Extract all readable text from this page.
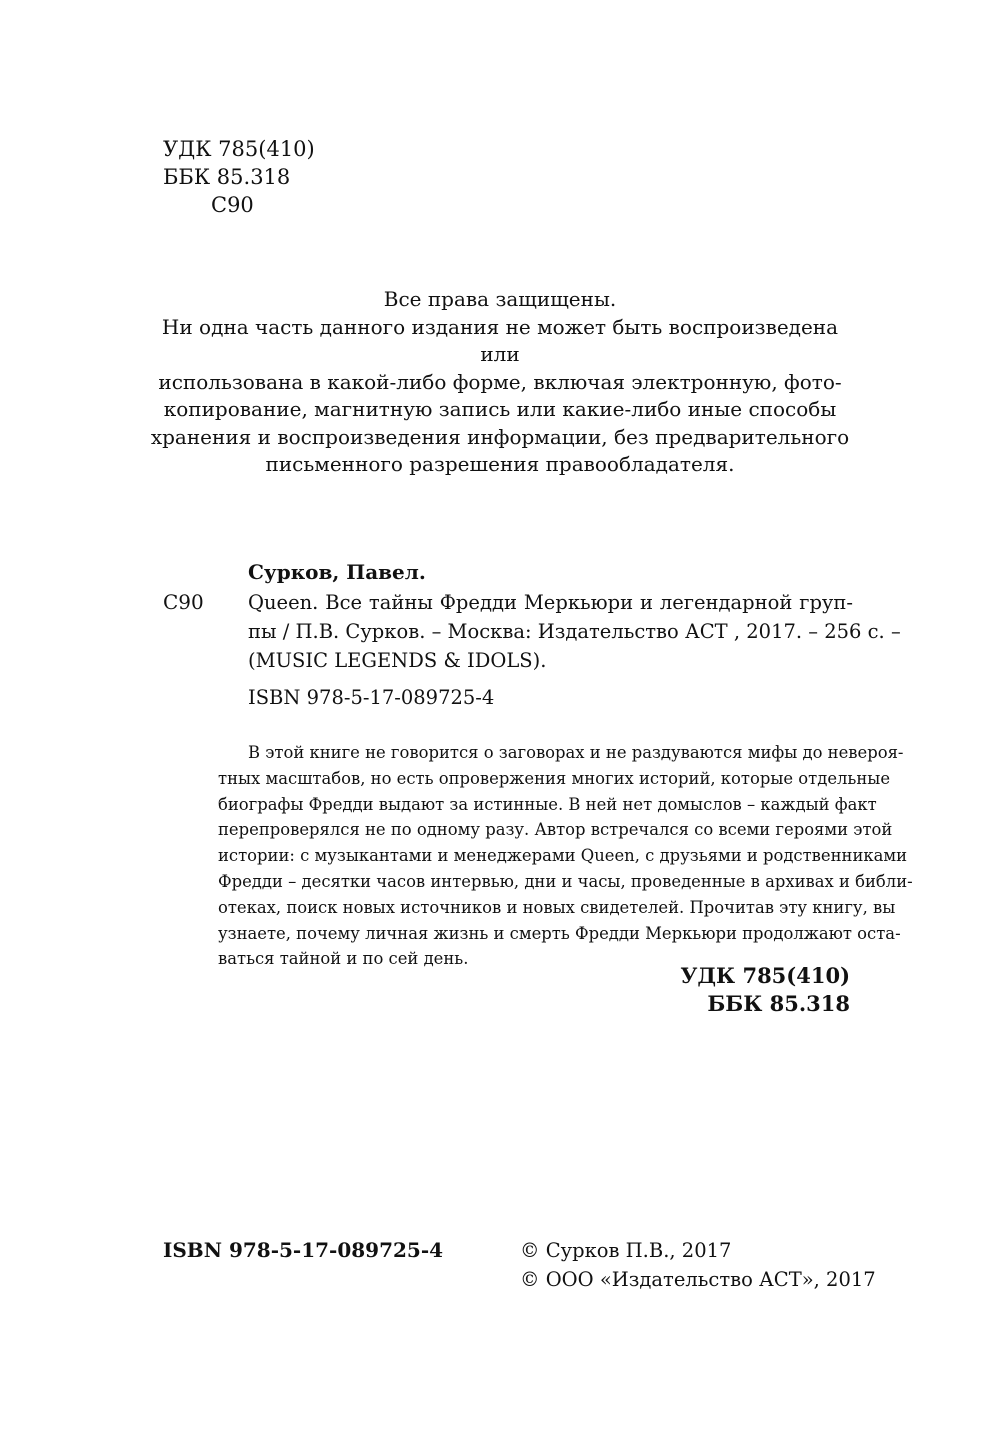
УДК 785(410)
ББК 85.318
С90
Все права защищены.
Ни одна часть данного издания не может быть воспроизведена или
использована в какой-либо форме, включая электронную, фото-
копирование, магнитную запись или какие-либо иные способы
хранения и воспроизведения информации, без предварительного
письменного разрешения правообладателя.
Сурков, Павел.
С90 Queen. Все тайны Фредди Меркьюри и легендарной груп-
пы / П.В. Сурков. – Москва: Издательство АСТ , 2017. – 256 с. –
(MUSIC LEGENDS & IDOLS).
ISBN 978-5-17-089725-4
В этой книге не говорится о заговорах и не раздуваются мифы до невероя-
тных масштабов, но есть опровержения многих историй, которые отдельные
биографы Фредди выдают за истинные. В ней нет домыслов – каждый факт
перепроверялся не по одному разу. Автор встречался со всеми героями этой
истории: с музыкантами и менеджерами Queen, с друзьями и родственниками
Фредди – десятки часов интервью, дни и часы, проведенные в архивах и библи-
отеках, поиск новых источников и новых свидетелей. Прочитав эту книгу, вы
узнаете, почему личная жизнь и смерть Фредди Меркьюри продолжают оста-
ваться тайной и по сей день.
УДК 785(410)
ББК 85.318
ISBN 978-5-17-089725-4	© Сурков П.В., 2017
© ООО «Издательство АСТ», 2017
